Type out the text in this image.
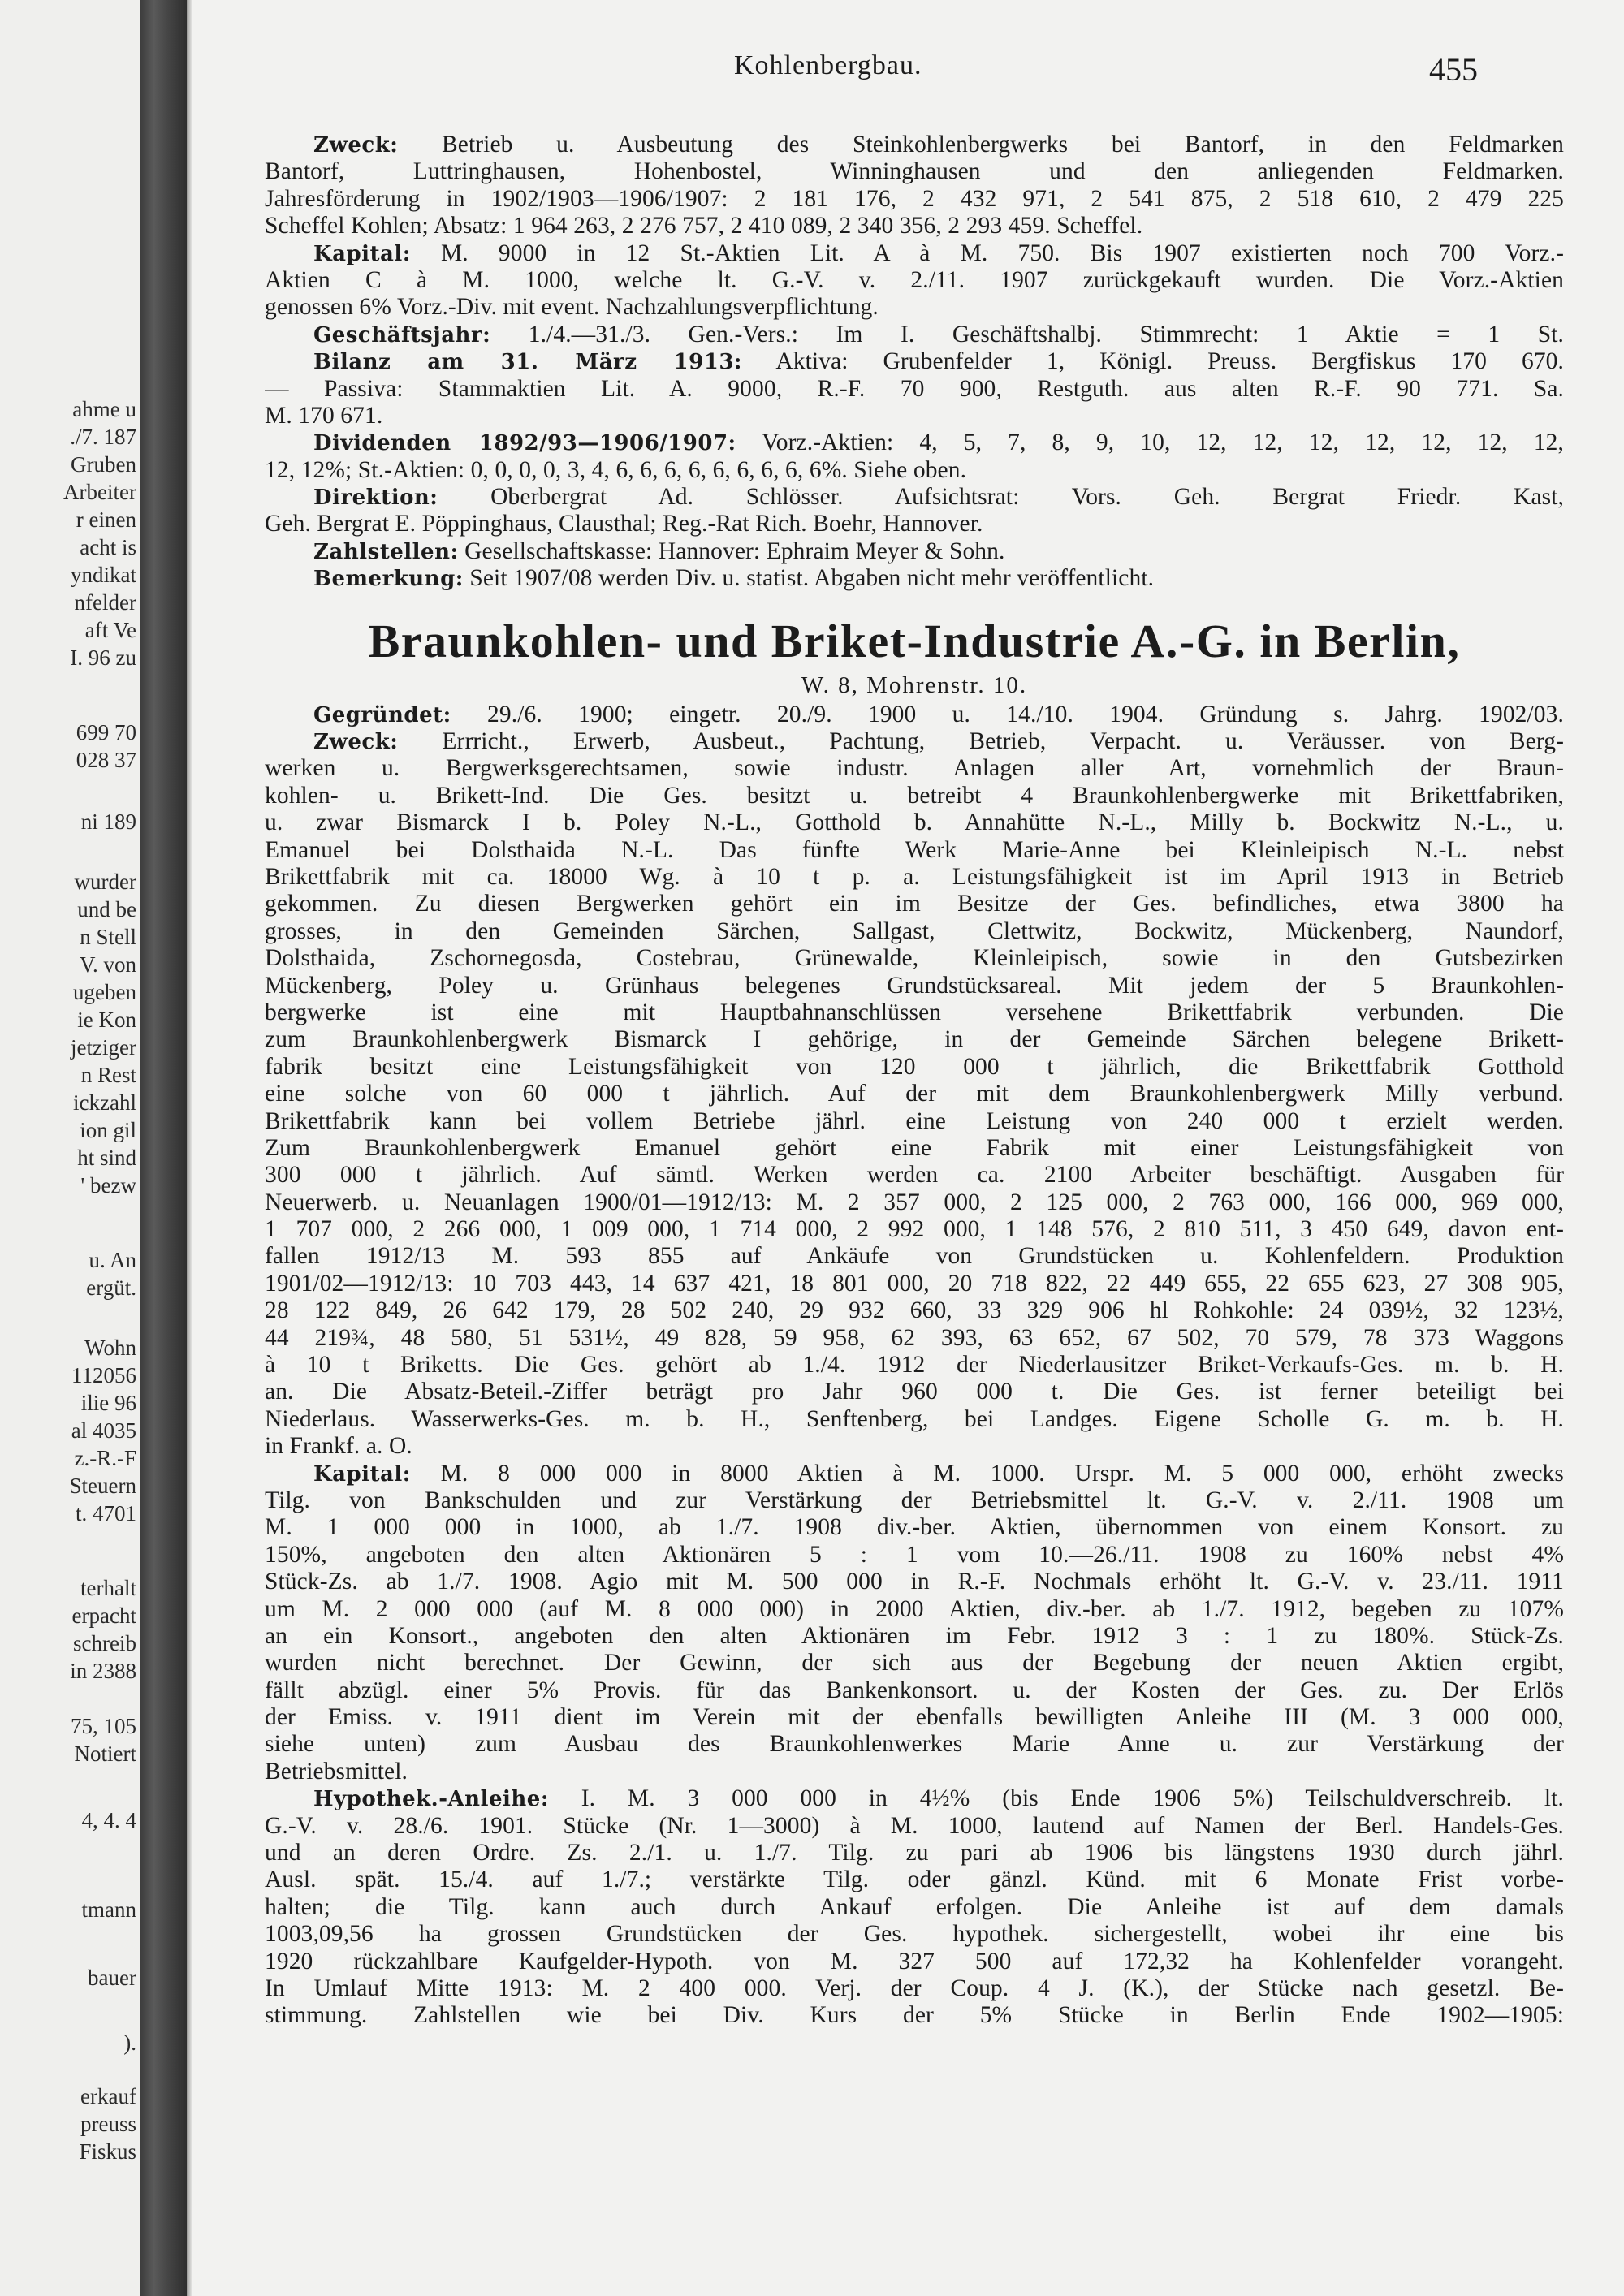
ahme u
./7. 187
Gruben
Arbeiter
r einen
acht is
yndikat
nfelder
aft Ve
I. 96 zu
699 70
028 37
ni 189
wurder
und be
n Stell
V. von
ugeben
ie Kon
jetziger
n Rest
ickzahl
ion gil
ht sind
' bezw
u. An
ergüt.
Wohn
112056
ilie 96
al 4035
z.-R.-F
Steuern
t. 4701
terhalt
erpacht
schreib
in 2388
75, 105
Notiert
4, 4. 4
tmann
bauer
).
erkauf
preuss
Fiskus
Kohlenbergbau.	455
Zweck: Betrieb u. Ausbeutung des Steinkohlenbergwerks bei Bantorf, in den Feldmarken
Bantorf, Luttringhausen, Hohenbostel, Winninghausen und den anliegenden Feldmarken.
Jahresförderung in 1902/1903—1906/1907: 2 181 176, 2 432 971, 2 541 875, 2 518 610, 2 479 225
Scheffel Kohlen; Absatz: 1 964 263, 2 276 757, 2 410 089, 2 340 356, 2 293 459. Scheffel.
Kapital: M. 9000 in 12 St.-Aktien Lit. A à M. 750. Bis 1907 existierten noch 700 Vorz.-
Aktien C à M. 1000, welche lt. G.-V. v. 2./11. 1907 zurückgekauft wurden. Die Vorz.-Aktien
genossen 6% Vorz.-Div. mit event. Nachzahlungsverpflichtung.
Geschäftsjahr: 1./4.—31./3. Gen.-Vers.: Im I. Geschäftshalbj. Stimmrecht: 1 Aktie = 1 St.
Bilanz am 31. März 1913: Aktiva: Grubenfelder 1, Königl. Preuss. Bergfiskus 170 670.
— Passiva: Stammaktien Lit. A. 9000, R.-F. 70 900, Restguth. aus alten R.-F. 90 771. Sa.
M. 170 671.
Dividenden 1892/93—1906/1907: Vorz.-Aktien: 4, 5, 7, 8, 9, 10, 12, 12, 12, 12, 12, 12, 12,
12, 12%; St.-Aktien: 0, 0, 0, 0, 3, 4, 6, 6, 6, 6, 6, 6, 6, 6, 6%. Siehe oben.
Direktion: Oberbergrat Ad. Schlösser. Aufsichtsrat: Vors. Geh. Bergrat Friedr. Kast,
Geh. Bergrat E. Pöppinghaus, Clausthal; Reg.-Rat Rich. Boehr, Hannover.
Zahlstellen: Gesellschaftskasse: Hannover: Ephraim Meyer & Sohn.
Bemerkung: Seit 1907/08 werden Div. u. statist. Abgaben nicht mehr veröffentlicht.
Braunkohlen- und Briket-Industrie A.-G. in Berlin,
W. 8, Mohrenstr. 10.
Gegründet: 29./6. 1900; eingetr. 20./9. 1900 u. 14./10. 1904. Gründung s. Jahrg. 1902/03.
Zweck: Errricht., Erwerb, Ausbeut., Pachtung, Betrieb, Verpacht. u. Veräusser. von Berg-
werken u. Bergwerksgerechtsamen, sowie industr. Anlagen aller Art, vornehmlich der Braun-
kohlen- u. Brikett-Ind. Die Ges. besitzt u. betreibt 4 Braunkohlenbergwerke mit Brikettfabriken,
u. zwar Bismarck I b. Poley N.-L., Gotthold b. Annahütte N.-L., Milly b. Bockwitz N.-L., u.
Emanuel bei Dolsthaida N.-L. Das fünfte Werk Marie-Anne bei Kleinleipisch N.-L. nebst
Brikettfabrik mit ca. 18000 Wg. à 10 t p. a. Leistungsfähigkeit ist im April 1913 in Betrieb
gekommen. Zu diesen Bergwerken gehört ein im Besitze der Ges. befindliches, etwa 3800 ha
grosses, in den Gemeinden Särchen, Sallgast, Clettwitz, Bockwitz, Mückenberg, Naundorf,
Dolsthaida, Zschornegosda, Costebrau, Grünewalde, Kleinleipisch, sowie in den Gutsbezirken
Mückenberg, Poley u. Grünhaus belegenes Grundstücksareal. Mit jedem der 5 Braunkohlen-
bergwerke ist eine mit Hauptbahnanschlüssen versehene Brikettfabrik verbunden. Die
zum Braunkohlenbergwerk Bismarck I gehörige, in der Gemeinde Särchen belegene Brikett-
fabrik besitzt eine Leistungsfähigkeit von 120 000 t jährlich, die Brikettfabrik Gotthold
eine solche von 60 000 t jährlich. Auf der mit dem Braunkohlenbergwerk Milly verbund.
Brikettfabrik kann bei vollem Betriebe jährl. eine Leistung von 240 000 t erzielt werden.
Zum Braunkohlenbergwerk Emanuel gehört eine Fabrik mit einer Leistungsfähigkeit von
300 000 t jährlich. Auf sämtl. Werken werden ca. 2100 Arbeiter beschäftigt. Ausgaben für
Neuerwerb. u. Neuanlagen 1900/01—1912/13: M. 2 357 000, 2 125 000, 2 763 000, 166 000, 969 000,
1 707 000, 2 266 000, 1 009 000, 1 714 000, 2 992 000, 1 148 576, 2 810 511, 3 450 649, davon ent-
fallen 1912/13 M. 593 855 auf Ankäufe von Grundstücken u. Kohlenfeldern. Produktion
1901/02—1912/13: 10 703 443, 14 637 421, 18 801 000, 20 718 822, 22 449 655, 22 655 623, 27 308 905,
28 122 849, 26 642 179, 28 502 240, 29 932 660, 33 329 906 hl Rohkohle: 24 039½, 32 123½,
44 219¾, 48 580, 51 531½, 49 828, 59 958, 62 393, 63 652, 67 502, 70 579, 78 373 Waggons
à 10 t Briketts. Die Ges. gehört ab 1./4. 1912 der Niederlausitzer Briket-Verkaufs-Ges. m. b. H.
an. Die Absatz-Beteil.-Ziffer beträgt pro Jahr 960 000 t. Die Ges. ist ferner beteiligt bei
Niederlaus. Wasserwerks-Ges. m. b. H., Senftenberg, bei Landges. Eigene Scholle G. m. b. H.
in Frankf. a. O.
Kapital: M. 8 000 000 in 8000 Aktien à M. 1000. Urspr. M. 5 000 000, erhöht zwecks
Tilg. von Bankschulden und zur Verstärkung der Betriebsmittel lt. G.-V. v. 2./11. 1908 um
M. 1 000 000 in 1000, ab 1./7. 1908 div.-ber. Aktien, übernommen von einem Konsort. zu
150%, angeboten den alten Aktionären 5 : 1 vom 10.—26./11. 1908 zu 160% nebst 4%
Stück-Zs. ab 1./7. 1908. Agio mit M. 500 000 in R.-F. Nochmals erhöht lt. G.-V. v. 23./11. 1911
um M. 2 000 000 (auf M. 8 000 000) in 2000 Aktien, div.-ber. ab 1./7. 1912, begeben zu 107%
an ein Konsort., angeboten den alten Aktionären im Febr. 1912 3 : 1 zu 180%. Stück-Zs.
wurden nicht berechnet. Der Gewinn, der sich aus der Begebung der neuen Aktien ergibt,
fällt abzügl. einer 5% Provis. für das Bankenkonsort. u. der Kosten der Ges. zu. Der Erlös
der Emiss. v. 1911 dient im Verein mit der ebenfalls bewilligten Anleihe III (M. 3 000 000,
siehe unten) zum Ausbau des Braunkohlenwerkes Marie Anne u. zur Verstärkung der
Betriebsmittel.
Hypothek.-Anleihe: I. M. 3 000 000 in 4½% (bis Ende 1906 5%) Teilschuldverschreib. lt.
G.-V. v. 28./6. 1901. Stücke (Nr. 1—3000) à M. 1000, lautend auf Namen der Berl. Handels-Ges.
und an deren Ordre. Zs. 2./1. u. 1./7. Tilg. zu pari ab 1906 bis längstens 1930 durch jährl.
Ausl. spät. 15./4. auf 1./7.; verstärkte Tilg. oder gänzl. Künd. mit 6 Monate Frist vorbe-
halten; die Tilg. kann auch durch Ankauf erfolgen. Die Anleihe ist auf dem damals
1003,09,56 ha grossen Grundstücken der Ges. hypothek. sichergestellt, wobei ihr eine bis
1920 rückzahlbare Kaufgelder-Hypoth. von M. 327 500 auf 172,32 ha Kohlenfelder vorangeht.
In Umlauf Mitte 1913: M. 2 400 000. Verj. der Coup. 4 J. (K.), der Stücke nach gesetzl. Be-
stimmung. Zahlstellen wie bei Div. Kurs der 5% Stücke in Berlin Ende 1902—1905:
